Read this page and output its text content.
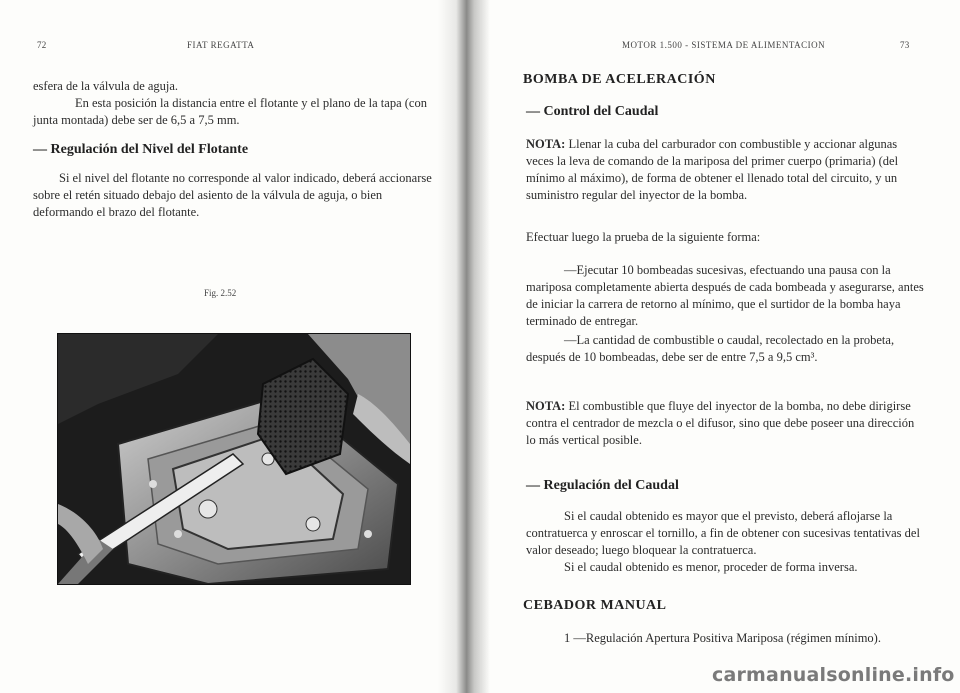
72	FIAT REGATTA

esfera de la válvula de aguja.

En esta posición la distancia entre el flotante y el plano de la tapa (con junta montada) debe ser de 6,5 a 7,5 mm.

— Regulación del Nivel del Flotante

Si el nivel del flotante no corresponde al valor indicado, deberá accionarse sobre el retén situado debajo del asiento de la válvula de aguja, o bien deformando el brazo del flotante.

Fig. 2.52

MOTOR 1.500 - SISTEMA DE ALIMENTACION	73

BOMBA DE ACELERACIÓN

— Control del Caudal

NOTA: Llenar la cuba del carburador con combustible y accionar algunas veces la leva de comando de la mariposa del primer cuerpo (primaria) (del mínimo al máximo), de forma de obtener el llenado total del circuito, y un suministro regular del inyector de la bomba.

Efectuar luego la prueba de la siguiente forma:

—Ejecutar 10 bombeadas sucesivas, efectuando una pausa con la mariposa completamente abierta después de cada bombeada y asegurarse, antes de iniciar la carrera de retorno al mínimo, que el surtidor de la bomba haya terminado de entregar.

—La cantidad de combustible o caudal, recolectado en la probeta, después de 10 bombeadas, debe ser de entre 7,5 a 9,5 cm³.

NOTA: El combustible que fluye del inyector de la bomba, no debe dirigirse contra el centrador de mezcla o el difusor, sino que debe poseer una dirección lo más vertical posible.

— Regulación del Caudal

Si el caudal obtenido es mayor que el previsto, deberá aflojarse la contratuerca y enroscar el tornillo, a fin de obtener con sucesivas tentativas del valor deseado; luego bloquear la contratuerca.

Si el caudal obtenido es menor, proceder de forma inversa.

CEBADOR MANUAL

1 —Regulación Apertura Positiva Mariposa (régimen mínimo).

carmanualsonline.info
